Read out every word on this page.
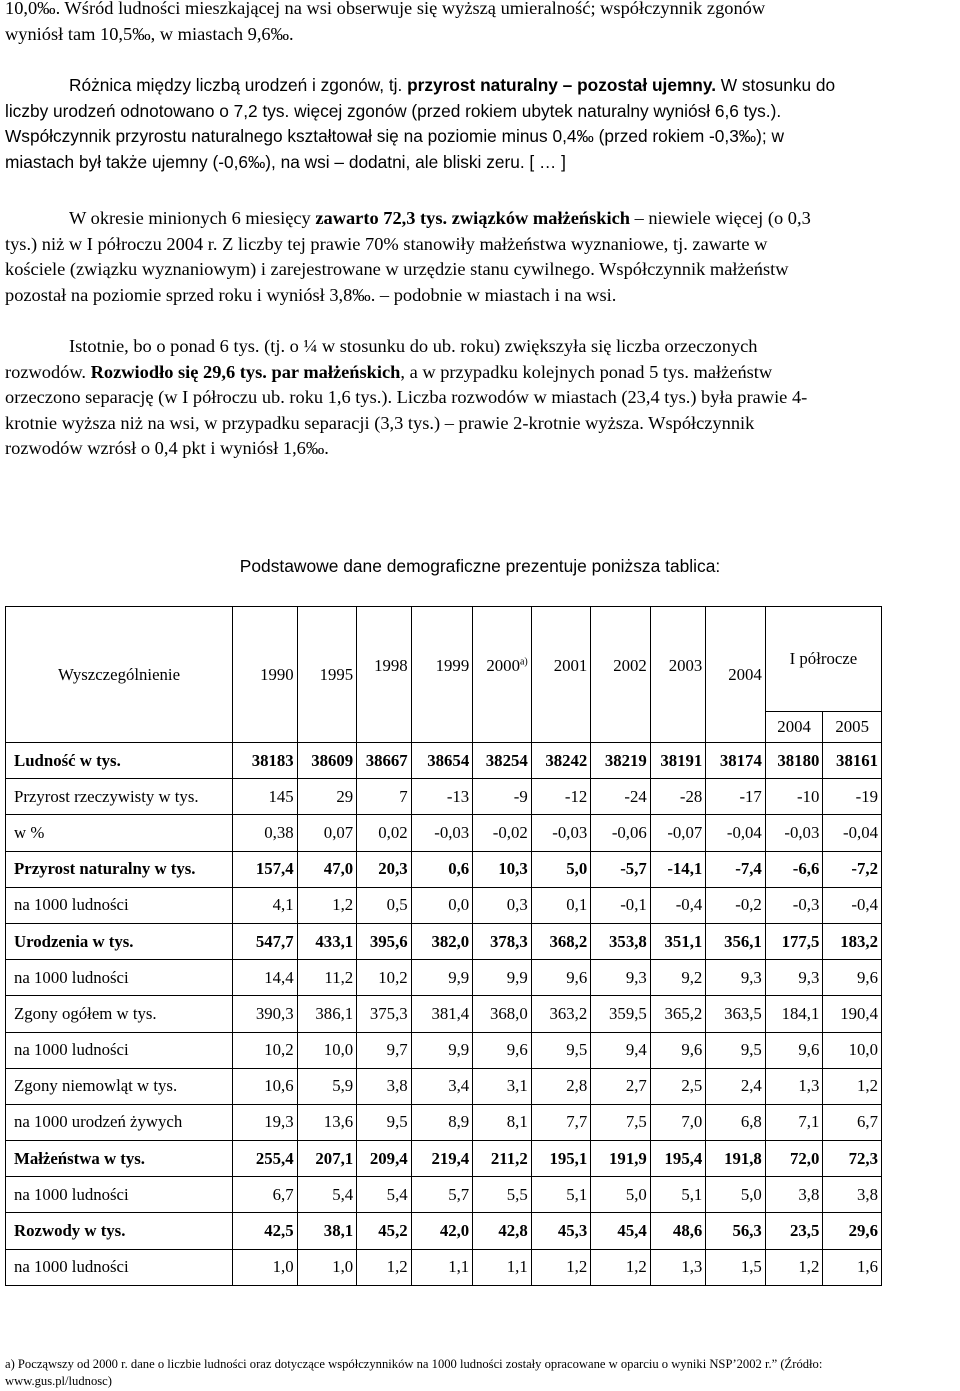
10,0‰. Wśród ludności mieszkającej na wsi obserwuje się wyższą umieralność; współczynnik zgonów
wyniósł tam 10,5‰, w miastach 9,6‰.
Różnica między liczbą urodzeń i zgonów, tj. przyrost naturalny – pozostał ujemny. W stosunku do
liczby urodzeń odnotowano o 7,2 tys. więcej zgonów (przed rokiem ubytek naturalny wyniósł 6,6 tys.).
Współczynnik przyrostu naturalnego kształtował się na poziomie minus 0,4‰ (przed rokiem -0,3‰); w
miastach był także ujemny (-0,6‰), na wsi – dodatni, ale bliski zeru. [ … ]
W okresie minionych 6 miesięcy zawarto 72,3 tys. związków małżeńskich – niewiele więcej (o 0,3
tys.) niż w I półroczu 2004 r. Z liczby tej prawie 70% stanowiły małżeństwa wyznaniowe, tj. zawarte w
kościele (związku wyznaniowym) i zarejestrowane w urzędzie stanu cywilnego. Współczynnik małżeństw
pozostał na poziomie sprzed roku i wyniósł 3,8‰. – podobnie w miastach i na wsi.
Istotnie, bo o ponad 6 tys. (tj. o ¼ w stosunku do ub. roku) zwiększyła się liczba orzeczonych
rozwodów. Rozwiodło się 29,6 tys. par małżeńskich, a w przypadku kolejnych ponad 5 tys. małżeństw
orzeczono separację (w I półroczu ub. roku 1,6 tys.). Liczba rozwodów w miastach (23,4 tys.) była prawie 4-
krotnie wyższa niż na wsi, w przypadku separacji (3,3 tys.) – prawie 2-krotnie wyższa. Współczynnik
rozwodów wzrósł o 0,4 pkt i wyniósł 1,6‰.
Podstawowe dane demograficzne prezentuje poniższa tablica:
Wyszczególnienie	1990	1995	1998	1999	2000$^{a)}$	2001	2002	2003	2004	I półrocze	
										2004	2005
Ludność w tys.	38183	38609	38667	38654	38254	38242	38219	38191	38174	38180	38161
Przyrost rzeczywisty w tys.	145	29	7	-13	-9	-12	-24	-28	-17	-10	-19
w %	0,38	0,07	0,02	-0,03	-0,02	-0,03	-0,06	-0,07	-0,04	-0,03	-0,04
Przyrost naturalny w tys.	157,4	47,0	20,3	0,6	10,3	5,0	-5,7	-14,1	-7,4	-6,6	-7,2
na 1000 ludności	4,1	1,2	0,5	0,0	0,3	0,1	-0,1	-0,4	-0,2	-0,3	-0,4
Urodzenia w tys.	547,7	433,1	395,6	382,0	378,3	368,2	353,8	351,1	356,1	177,5	183,2
na 1000 ludności	14,4	11,2	10,2	9,9	9,9	9,6	9,3	9,2	9,3	9,3	9,6
Zgony ogółem w tys.	390,3	386,1	375,3	381,4	368,0	363,2	359,5	365,2	363,5	184,1	190,4
na 1000 ludności	10,2	10,0	9,7	9,9	9,6	9,5	9,4	9,6	9,5	9,6	10,0
Zgony niemowląt w tys.	10,6	5,9	3,8	3,4	3,1	2,8	2,7	2,5	2,4	1,3	1,2
na 1000 urodzeń żywych	19,3	13,6	9,5	8,9	8,1	7,7	7,5	7,0	6,8	7,1	6,7
Małżeństwa w tys.	255,4	207,1	209,4	219,4	211,2	195,1	191,9	195,4	191,8	72,0	72,3
na 1000 ludności	6,7	5,4	5,4	5,7	5,5	5,1	5,0	5,1	5,0	3,8	3,8
Rozwody w tys.	42,5	38,1	45,2	42,0	42,8	45,3	45,4	48,6	56,3	23,5	29,6
na 1000 ludności	1,0	1,0	1,2	1,1	1,1	1,2	1,2	1,3	1,5	1,2	1,6
a) Począwszy od 2000 r. dane o liczbie ludności oraz dotyczące współczynników na 1000 ludności zostały opracowane w oparciu o wyniki NSP’2002 r.” (Źródło:
www.gus.pl/ludnosc)
